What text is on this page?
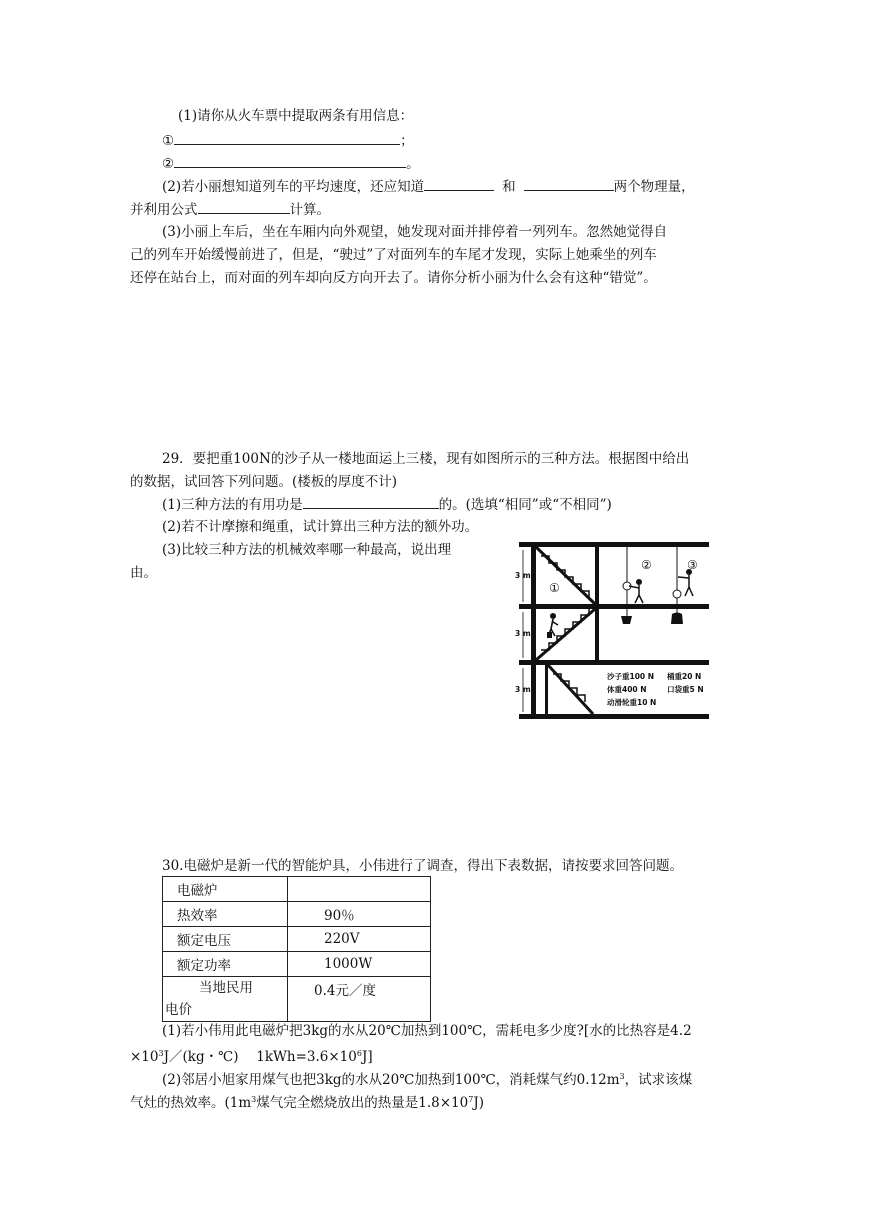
(1)请你从火车票中提取两条有用信息：
①	；
②	。
(2)若小丽想知道列车的平均速度，还应知道	和	两个物理量，
并利用公式	计算。
(3)小丽上车后，坐在车厢内向外观望，她发现对面并排停着一列列车。忽然她觉得自
己的列车开始缓慢前进了，但是，“驶过”了对面列车的车尾才发现，实际上她乘坐的列车
还停在站台上，而对面的列车却向反方向开去了。请你分析小丽为什么会有这种“错觉”。
29．要把重100N的沙子从一楼地面运上三楼，现有如图所示的三种方法。根据图中给出
的数据，试回答下列问题。(楼板的厚度不计)
(1)三种方法的有用功是	的。(选填“相同”或“不相同”)
(2)若不计摩擦和绳重，试计算出三种方法的额外功。
(3)比较三种方法的机械效率哪一种最高，说出理
由。	3 m
3 m
3 m
①
②	③
沙子重100 N 桶重20 N
体重400 N	口袋重5 N
动滑轮重10 N
30.电磁炉是新一代的智能炉具，小伟进行了调查，得出下表数据，请按要求回答问题。
电磁炉	
热效率	90％
额定电压	220V
额定功率	1000W

当地民用
电价	0.4元／度
(1)若小伟用此电磁炉把3kg的水从20℃加热到100℃，需耗电多少度?[水的比热容是4.2
$\times 10^3J/(kg$・℃)　 $1kWh=3.6\times 10^6J$]
(2)邻居小旭家用煤气也把3kg的水从20℃加热到100℃，消耗煤气约$0.12m^3$，试求该煤
气灶的热效率。($1m^3$煤气完全燃烧放出的热量是$1.8\times 10^7J$)
